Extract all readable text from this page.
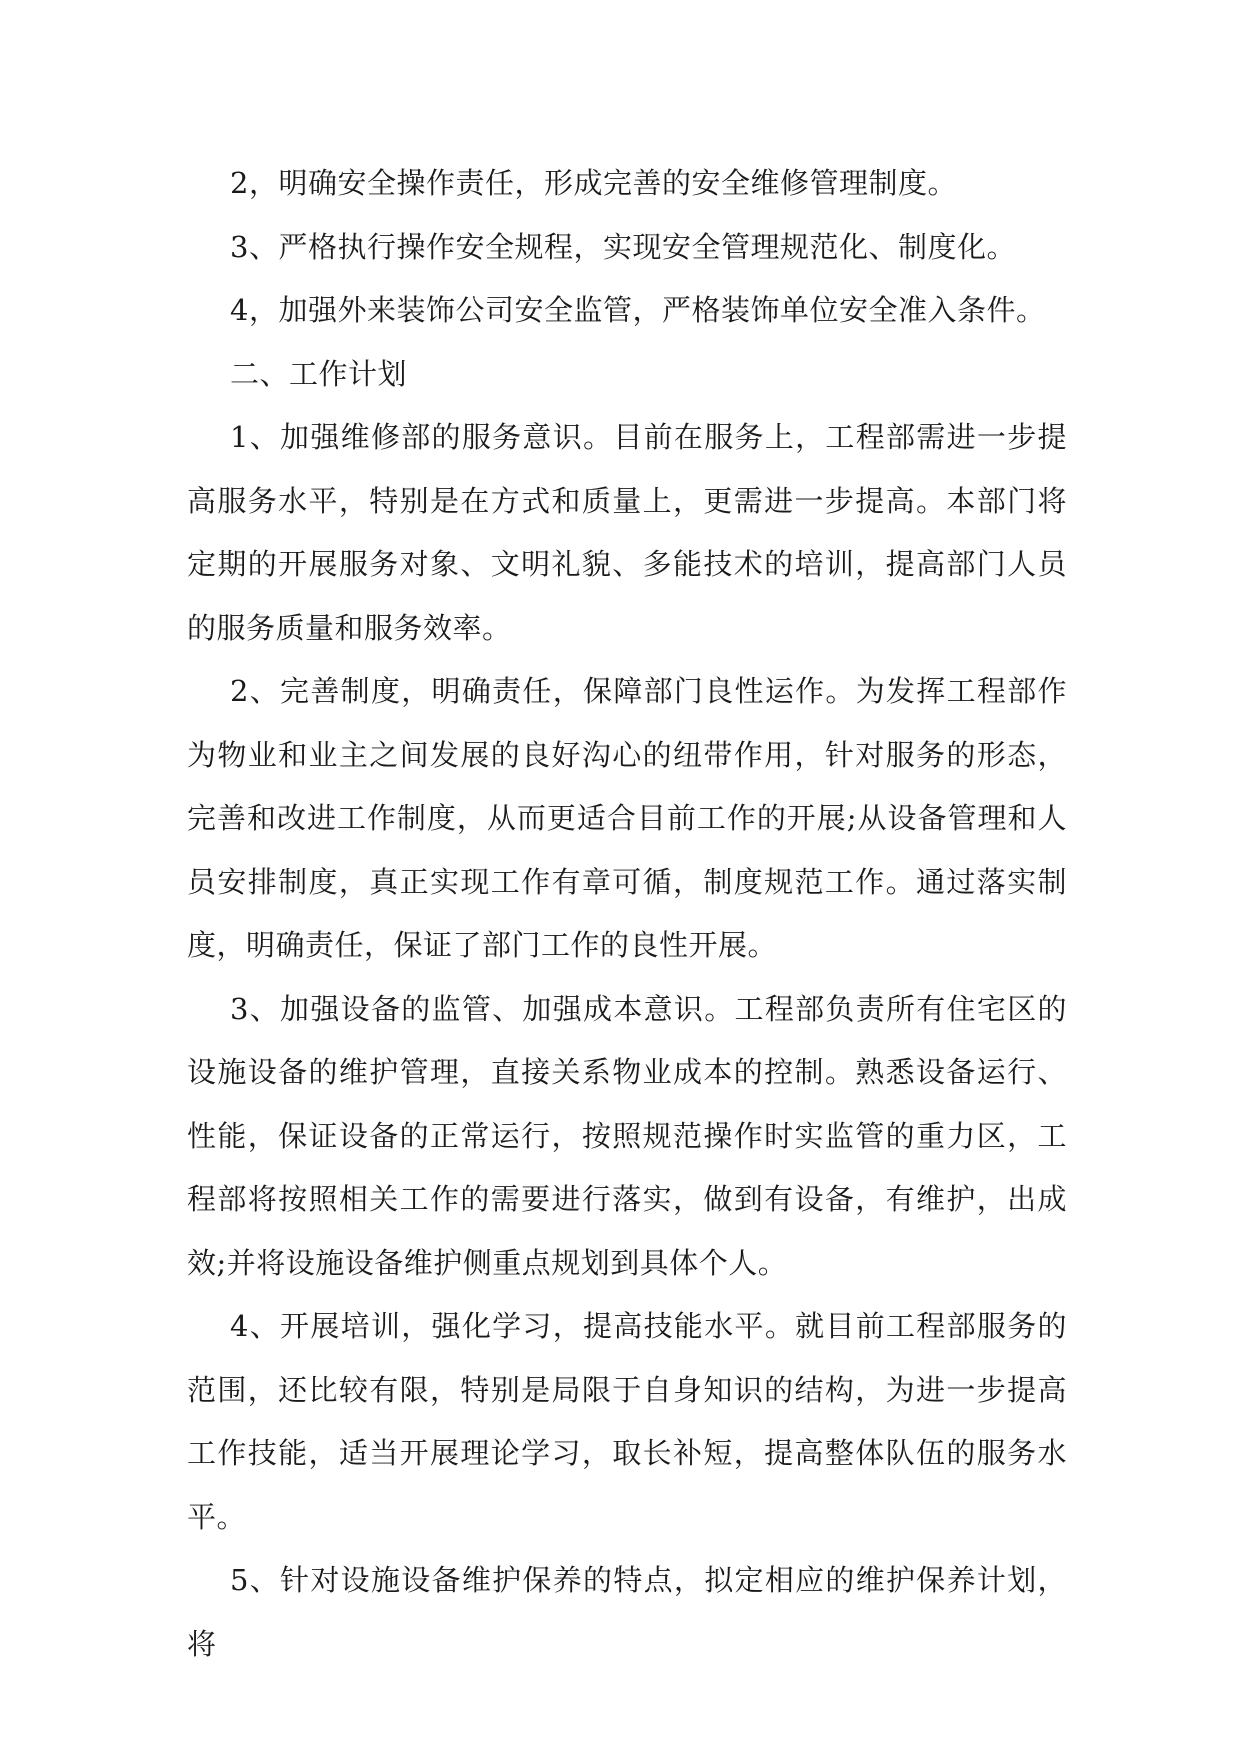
2，明确安全操作责任，形成完善的安全维修管理制度。

3、严格执行操作安全规程，实现安全管理规范化、制度化。

4，加强外来装饰公司安全监管，严格装饰单位安全准入条件。

二、工作计划

1、加强维修部的服务意识。目前在服务上，工程部需进一步提高服务水平，特别是在方式和质量上，更需进一步提高。本部门将定期的开展服务对象、文明礼貌、多能技术的培训，提高部门人员的服务质量和服务效率。

2、完善制度，明确责任，保障部门良性运作。为发挥工程部作为物业和业主之间发展的良好沟心的纽带作用，针对服务的形态，完善和改进工作制度，从而更适合目前工作的开展;从设备管理和人员安排制度，真正实现工作有章可循，制度规范工作。通过落实制度，明确责任，保证了部门工作的良性开展。

3、加强设备的监管、加强成本意识。工程部负责所有住宅区的设施设备的维护管理，直接关系物业成本的控制。熟悉设备运行、性能，保证设备的正常运行，按照规范操作时实监管的重力区，工程部将按照相关工作的需要进行落实，做到有设备，有维护，出成效;并将设施设备维护侧重点规划到具体个人。

4、开展培训，强化学习，提高技能水平。就目前工程部服务的范围，还比较有限，特别是局限于自身知识的结构，为进一步提高工作技能，适当开展理论学习，取长补短，提高整体队伍的服务水平。

5、针对设施设备维护保养的特点，拟定相应的维护保养计划，将
